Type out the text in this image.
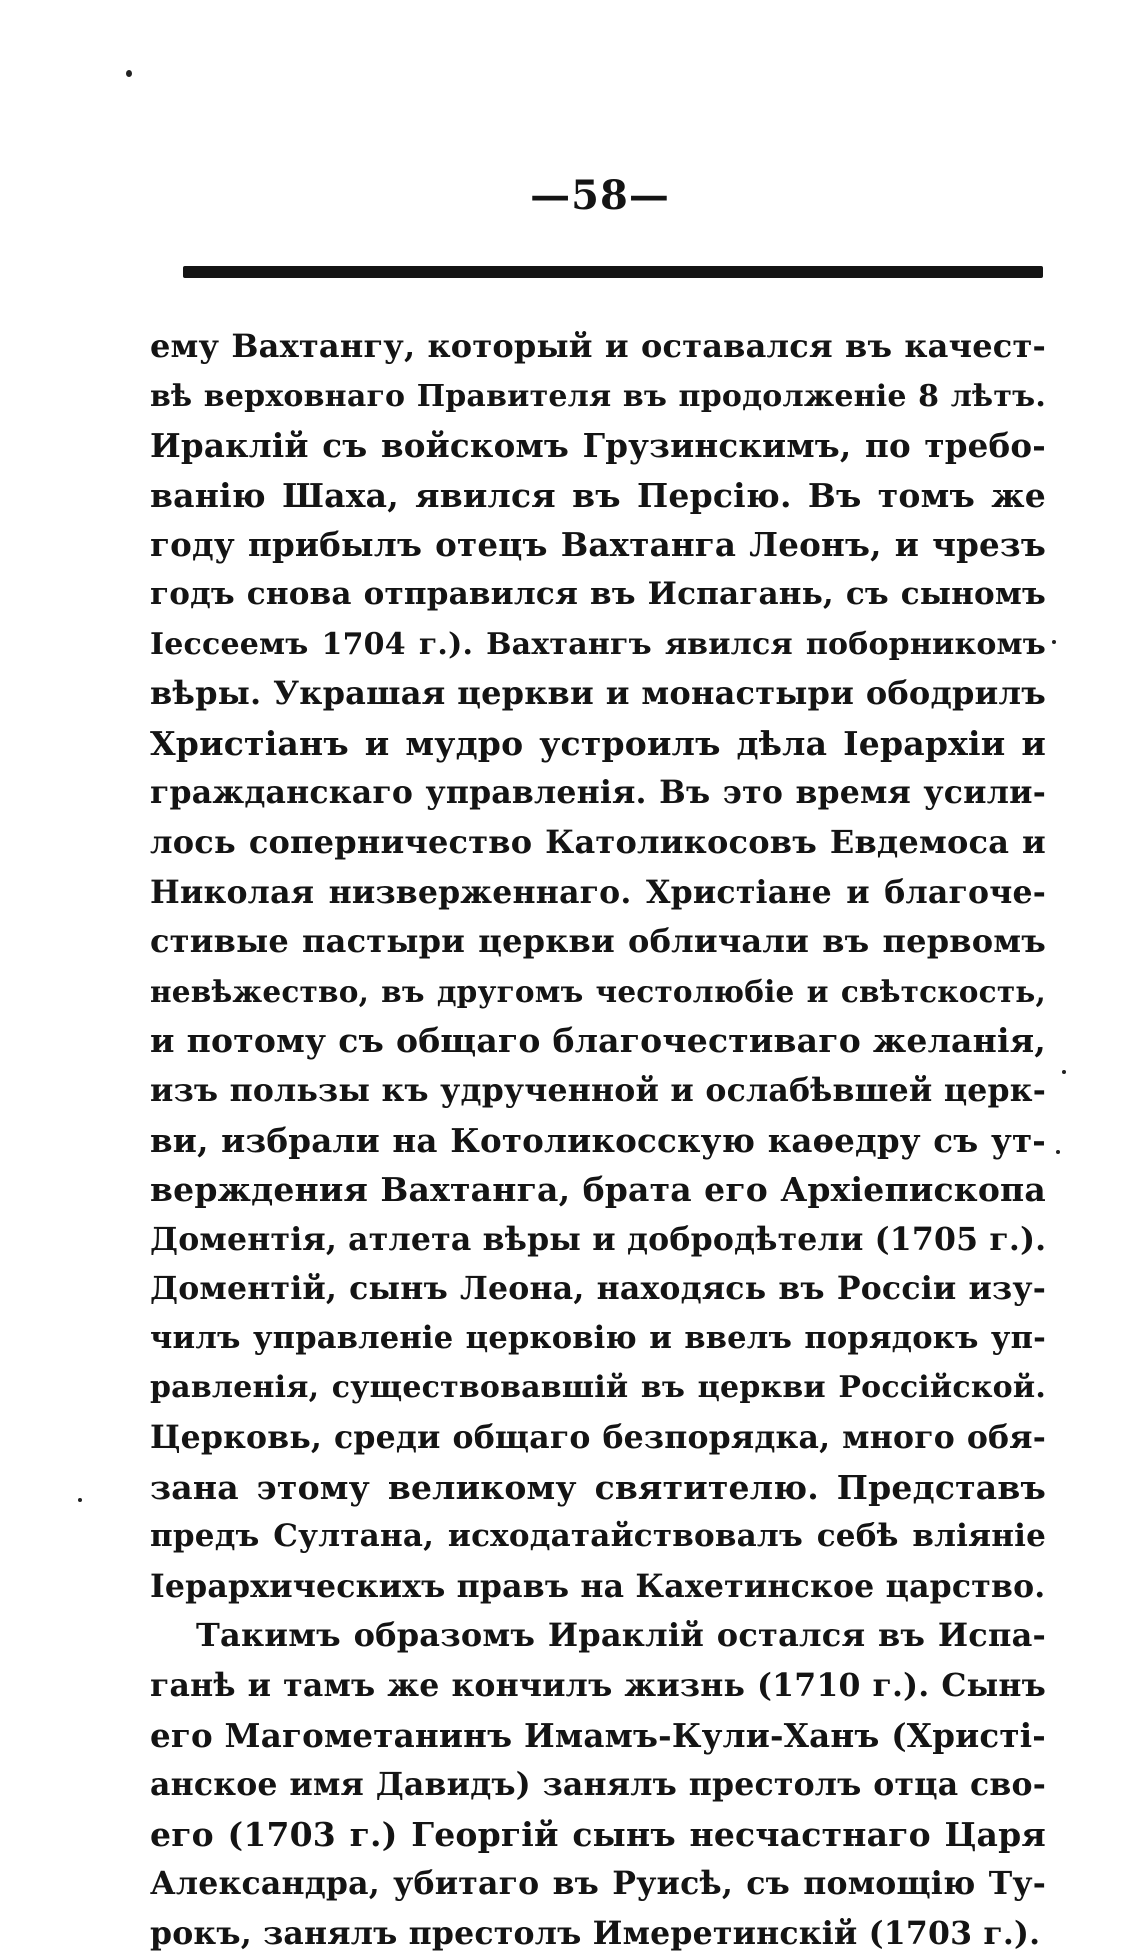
—58—
ему Вахтангу, который и оставался въ качест-
вѣ верховнаго Правителя въ продолженіе 8 лѣтъ.
Ираклій съ войскомъ Грузинскимъ, по требо-
ванію Шаха, явился въ Персію. Въ томъ же
году прибылъ отецъ Вахтанга Леонъ, и чрезъ
годъ снова отправился въ Испагань, съ сыномъ
Іессеемъ 1704 г.). Вахтангъ явился поборникомъ
вѣры. Украшая церкви и монастыри ободрилъ
Христіанъ и мудро устроилъ дѣла Іерархіи и
гражданскаго управленія. Въ это время усили-
лось соперничество Католикосовъ Евдемоса и
Николая низверженнаго. Христіане и благоче-
стивые пастыри церкви обличали въ первомъ
невѣжество, въ другомъ честолюбіе и свѣтскость,
и потому съ общаго благочестиваго желанія,
изъ пользы къ удрученной и ослабѣвшей церк-
ви, избрали на Котоликосскую каѳедру съ ут-
верждения Вахтанга, брата его Архіепископа
Доментія, атлета вѣры и добродѣтели (1705 г.).
Доментій, сынъ Леона, находясь въ Россіи изу-
чилъ управленіе церковію и ввелъ порядокъ уп-
равленія, существовавшій въ церкви Россійской.
Церковь, среди общаго безпорядка, много обя-
зана этому великому святителю. Представъ
предъ Султана, исходатайствовалъ себѣ вліяніе
Іерархическихъ правъ на Кахетинское царство.
Такимъ образомъ Ираклій остался въ Испа-
ганѣ и тамъ же кончилъ жизнь (1710 г.). Сынъ
его Магометанинъ Имамъ-Кули-Ханъ (Христі-
анское имя Давидъ) занялъ престолъ отца сво-
его (1703 г.) Георгій сынъ несчастнаго Царя
Александра, убитаго въ Руисѣ, съ помощію Ту-
рокъ, занялъ престолъ Имеретинскій (1703 г.).
